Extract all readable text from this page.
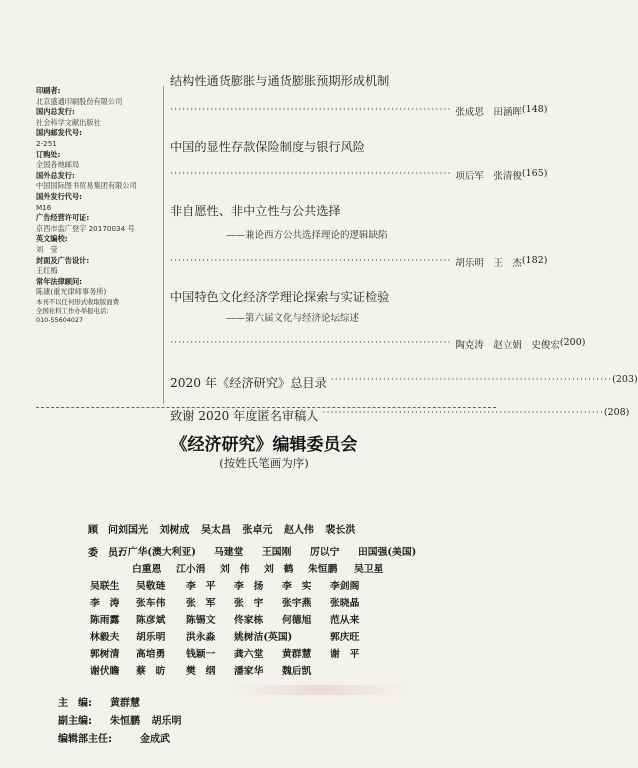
印刷者:
北京盛通印刷股份有限公司
国内总发行:
社会科学文献出版社
国内邮发代号:
2-251
订购处:
全国各地邮局
国外总发行:
中国国际图书贸易集团有限公司
国外发行代号:
M16
广告经营许可证:
京西市监广登字 20170034 号
英文编校:
刘　莹
封面及广告设计:
王红梅
常年法律顾问:
陈康(重光律师事务所)
本刊不以任何形式收取版面费
全国社科工作办举报电话:
010-55604027
结构性通货膨胀与通货膨胀预期形成机制
······································································ 张成思　田涵晖 (148)
中国的显性存款保险制度与银行风险
······································································ 项后军　张清俊 (165)
非自愿性、非中立性与公共选择
——兼论西方公共选择理论的逻辑缺陷
······································································ 胡乐明　王　杰 (182)
中国特色文化经济学理论探索与实证检验
——第六届文化与经济论坛综述
······································································ 陶克涛　赵立娟　史俊宏 (200)
2020 年《经济研究》总目录 ······································································ (203)
致谢 2020 年度匿名审稿人 ······································································ (208)
《经济研究》编辑委员会
(按姓氏笔画为序)
顾　问:
刘国光 刘树成 吴太昌 张卓元 赵人伟 裴长洪
委　员:
万广华(澳大利亚) 马建堂 王国刚 厉以宁 田国强(美国)
白重恩 江小涓 刘　伟 刘　鹤 朱恒鹏 吴卫星
吴联生 吴敬琏 李　平 李　扬 李　实 李剑阁
李　涛 张车伟 张　军 张　宇 张宇燕 张晓晶
陈雨露 陈彦斌 陈锡文 佟家栋 何德旭 范从来
林毅夫 胡乐明 洪永淼 姚树洁(英国)	郭庆旺
郭树清 高培勇 钱颖一 龚六堂 黄群慧 谢　平
谢伏瞻 蔡　昉 樊　纲 潘家华 魏后凯
主　编: 黄群慧
副主编: 朱恒鹏 胡乐明
编辑部主任:	金成武
